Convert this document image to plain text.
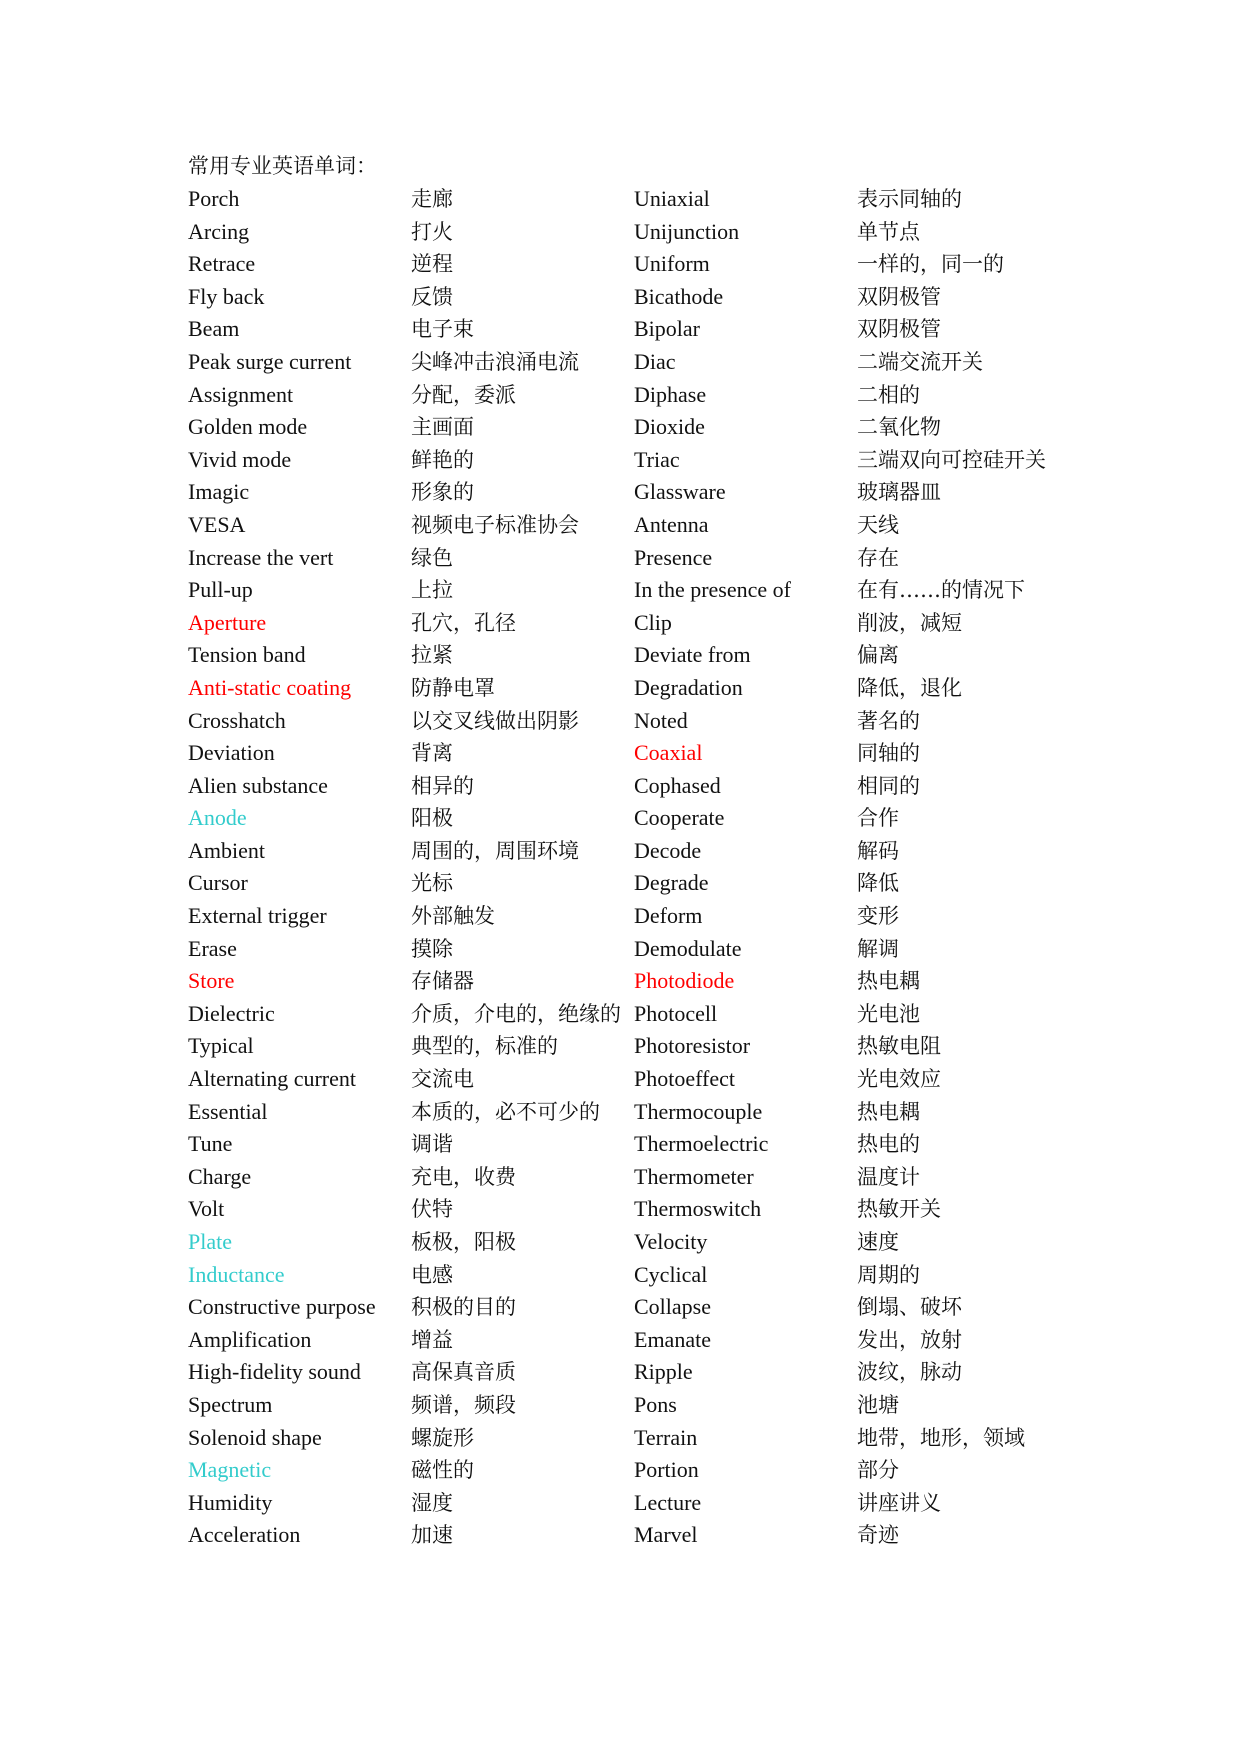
常用专业英语单词：
Porch	走廊	Uniaxial	表示同轴的
Arcing	打火	Unijunction	单节点
Retrace	逆程	Uniform	一样的，同一的
Fly back	反馈	Bicathode	双阴极管
Beam	电子束	Bipolar	双阴极管
Peak surge current	尖峰冲击浪涌电流	Diac	二端交流开关
Assignment	分配，委派	Diphase	二相的
Golden mode	主画面	Dioxide	二氧化物
Vivid mode	鲜艳的	Triac	三端双向可控硅开关
Imagic	形象的	Glassware	玻璃器皿
VESA	视频电子标准协会	Antenna	天线
Increase the vert	绿色	Presence	存在
Pull-up	上拉	In the presence of	在有……的情况下
Aperture	孔穴，孔径	Clip	削波，减短
Tension band	拉紧	Deviate from	偏离
Anti-static coating	防静电罩	Degradation	降低，退化
Crosshatch	以交叉线做出阴影	Noted	著名的
Deviation	背离	Coaxial	同轴的
Alien substance	相异的	Cophased	相同的
Anode	阳极	Cooperate	合作
Ambient	周围的，周围环境	Decode	解码
Cursor	光标	Degrade	降低
External trigger	外部触发	Deform	变形
Erase	摸除	Demodulate	解调
Store	存储器	Photodiode	热电耦
Dielectric	介质，介电的，绝缘的	Photocell	光电池
Typical	典型的，标准的	Photoresistor	热敏电阻
Alternating current	交流电	Photoeffect	光电效应
Essential	本质的，必不可少的	Thermocouple	热电耦
Tune	调谐	Thermoelectric	热电的
Charge	充电，收费	Thermometer	温度计
Volt	伏特	Thermoswitch	热敏开关
Plate	板极，阳极	Velocity	速度
Inductance	电感	Cyclical	周期的
Constructive purpose	积极的目的	Collapse	倒塌、破坏
Amplification	增益	Emanate	发出，放射
High-fidelity sound	高保真音质	Ripple	波纹，脉动
Spectrum	频谱，频段	Pons	池塘
Solenoid shape	螺旋形	Terrain	地带，地形，领域
Magnetic	磁性的	Portion	部分
Humidity	湿度	Lecture	讲座讲义
Acceleration	加速	Marvel	奇迹
